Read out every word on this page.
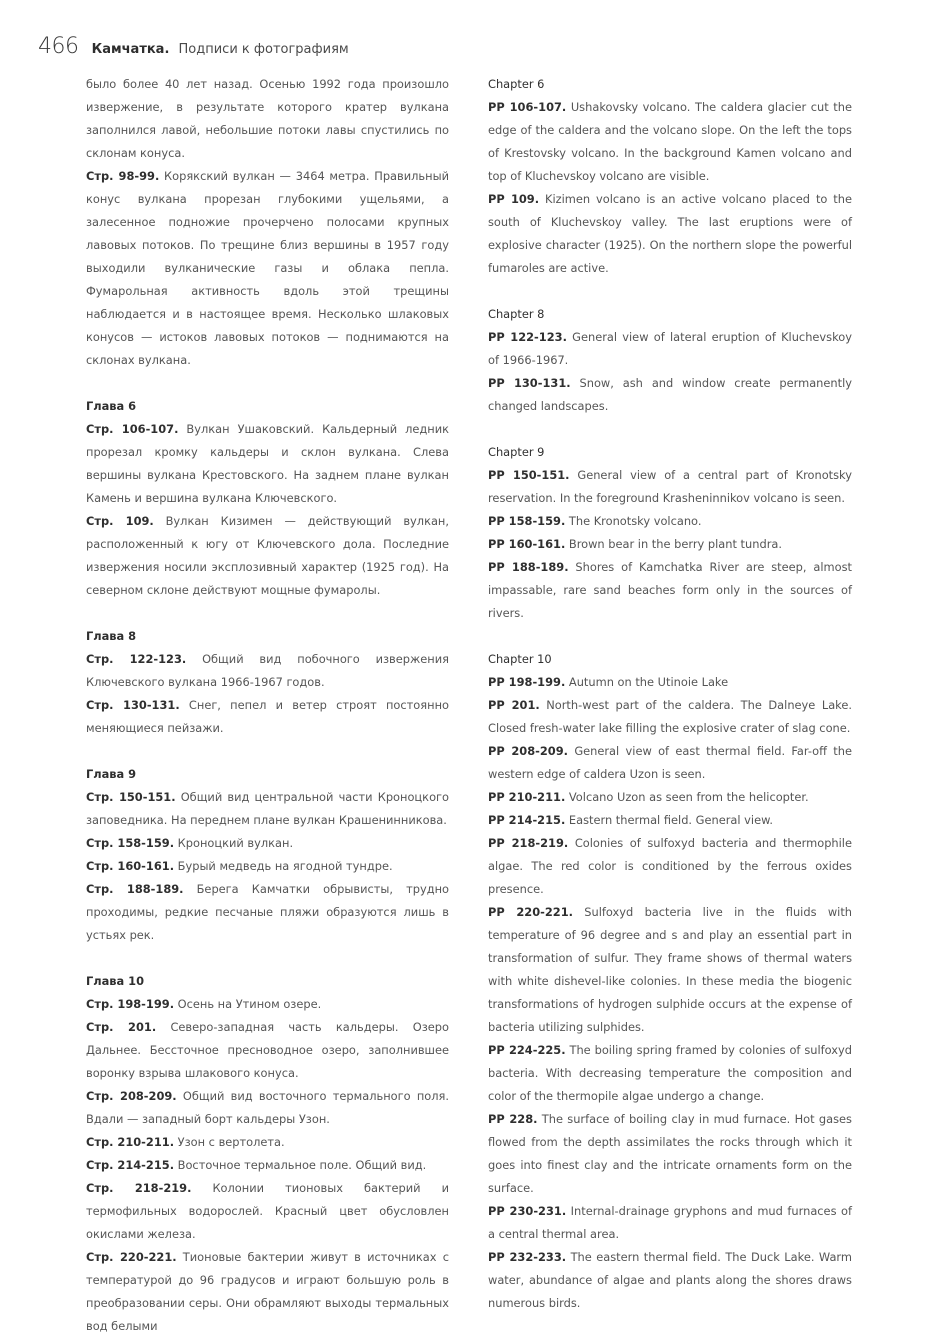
466 Камчатка. Подписи к фотографиям

было более 40 лет назад. Осенью 1992 года произошло извержение, в результате которого кратер вулкана заполнился лавой, небольшие потоки лавы спустились по склонам конуса.

Стр. 98-99. Корякский вулкан — 3464 метра. Правильный конус вулкана прорезан глубокими ущельями, а залесенное подножие прочерчено полосами крупных лавовых потоков. По трещине близ вершины в 1957 году выходили вулканические газы и облака пепла. Фумарольная активность вдоль этой трещины наблюдается и в настоящее время. Несколько шлаковых конусов — истоков лавовых потоков — поднимаются на склонах вулкана.

Глава 6

Стр. 106-107. Вулкан Ушаковский. Кальдерный ледник прорезал кромку кальдеры и склон вулкана. Слева вершины вулкана Крестовского. На заднем плане вулкан Камень и вершина вулкана Ключевского.

Стр. 109. Вулкан Кизимен — действующий вулкан, расположенный к югу от Ключевского дола. Последние извержения носили эксплозивный характер (1925 год). На северном склоне действуют мощные фумаролы.

Глава 8

Стр. 122-123. Общий вид побочного извержения Ключевского вулкана 1966-1967 годов.

Стр. 130-131. Снег, пепел и ветер строят постоянно меняющиеся пейзажи.

Глава 9

Стр. 150-151. Общий вид центральной части Кроноцкого заповедника. На переднем плане вулкан Крашенинникова.

Стр. 158-159. Кроноцкий вулкан.

Стр. 160-161. Бурый медведь на ягодной тундре.

Стр. 188-189. Берега Камчатки обрывисты, трудно проходимы, редкие песчаные пляжи образуются лишь в устьях рек.

Глава 10

Стр. 198-199. Осень на Утином озере.

Стр. 201. Северо-западная часть кальдеры. Озеро Дальнее. Бессточное пресноводное озеро, заполнившее воронку взрыва шлакового конуса.

Стр. 208-209. Общий вид восточного термального поля. Вдали — западный борт кальдеры Узон.

Стр. 210-211. Узон с вертолета.

Стр. 214-215. Восточное термальное поле. Общий вид.

Стр. 218-219. Колонии тионовых бактерий и термофильных водорослей. Красный цвет обусловлен окислами железа.

Стр. 220-221. Тионовые бактерии живут в источниках с температурой до 96 градусов и играют большую роль в преобразовании серы. Они обрамляют выходы термальных вод белыми

Chapter 6

PP 106-107. Ushakovsky volcano. The caldera glacier cut the edge of the caldera and the volcano slope. On the left the tops of Krestovsky volcano. In the background Kamen volcano and top of Kluchevskoy volcano are visible.

PP 109. Kizimen volcano is an active volcano placed to the south of Kluchevskoy valley. The last eruptions were of explosive character (1925). On the northern slope the powerful fumaroles are active.

Chapter 8

PP 122-123. General view of lateral eruption of Kluchevskoy of 1966-1967.

PP 130-131. Snow, ash and window create permanently changed landscapes.

Chapter 9

PP 150-151. General view of a central part of Kronotsky reservation. In the foreground Krasheninnikov volcano is seen.

PP 158-159. The Kronotsky volcano.

PP 160-161. Brown bear in the berry plant tundra.

PP 188-189. Shores of Kamchatka River are steep, almost impassable, rare sand beaches form only in the sources of rivers.

Chapter 10

PP 198-199. Autumn on the Utinoie Lake

PP 201. North-west part of the caldera. The Dalneye Lake. Closed fresh-water lake filling the explosive crater of slag cone.

PP 208-209. General view of east thermal field. Far-off the western edge of caldera Uzon is seen.

PP 210-211. Volcano Uzon as seen from the helicopter.

PP 214-215. Eastern thermal field. General view.

PP 218-219. Colonies of sulfoxyd bacteria and thermophile algae. The red color is conditioned by the ferrous oxides presence.

PP 220-221. Sulfoxyd bacteria live in the fluids with temperature of 96 degree and s and play an essential part in transformation of sulfur. They frame shows of thermal waters with white dishevel-like colonies. In these media the biogenic transformations of hydrogen sulphide occurs at the expense of bacteria utilizing sulphides.

PP 224-225. The boiling spring framed by colonies of sulfoxyd bacteria. With decreasing temperature the composition and color of the thermopile algae undergo a change.

PP 228. The surface of boiling clay in mud furnace. Hot gases flowed from the depth assimilates the rocks through which it goes into finest clay and the intricate ornaments form on the surface.

PP 230-231. Internal-drainage gryphons and mud furnaces of a central thermal area.

PP 232-233. The eastern thermal field. The Duck Lake. Warm water, abundance of algae and plants along the shores draws numerous birds.
